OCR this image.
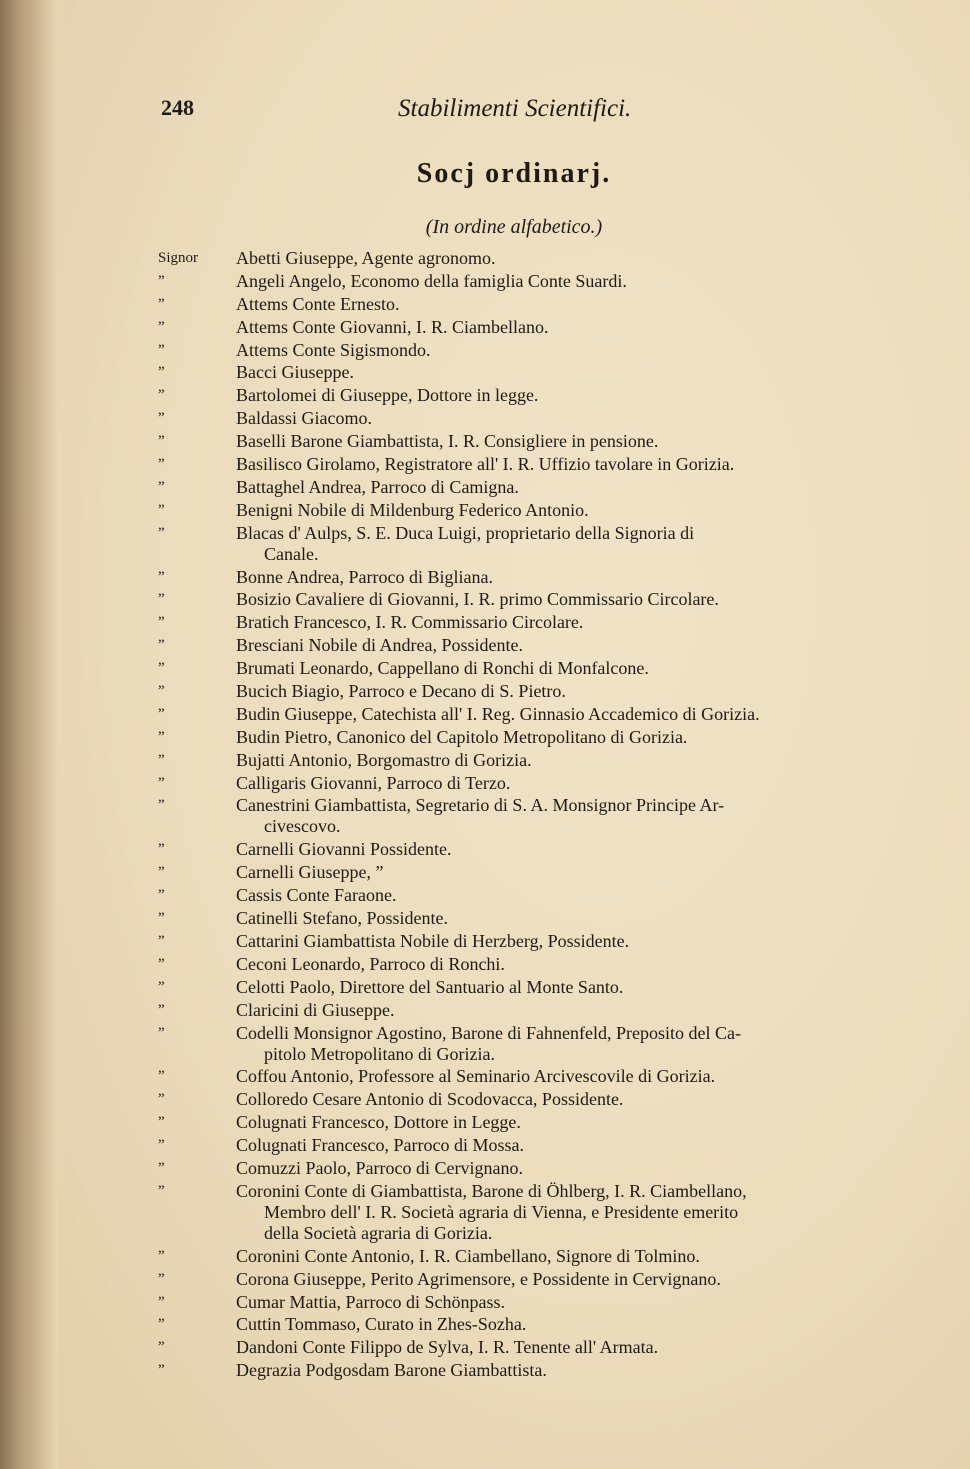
248	Stabilimenti Scientifici.
Socj ordinarj.
(In ordine alfabetico.)
Signor	Abetti Giuseppe, Agente agronomo.
”	Angeli Angelo, Economo della famiglia Conte Suardi.
”	Attems Conte Ernesto.
”	Attems Conte Giovanni, I. R. Ciambellano.
”	Attems Conte Sigismondo.
”	Bacci Giuseppe.
”	Bartolomei di Giuseppe, Dottore in legge.
”	Baldassi Giacomo.
”	Baselli Barone Giambattista, I. R. Consigliere in pensione.
”	Basilisco Girolamo, Registratore all' I. R. Uffizio tavolare in Gorizia.
”	Battaghel Andrea, Parroco di Camigna.
”	Benigni Nobile di Mildenburg Federico Antonio.
”	Blacas d' Aulps, S. E. Duca Luigi, proprietario della Signoria di
Canale.
”	Bonne Andrea, Parroco di Bigliana.
”	Bosizio Cavaliere di Giovanni, I. R. primo Commissario Circolare.
”	Bratich Francesco, I. R. Commissario Circolare.
”	Bresciani Nobile di Andrea, Possidente.
”	Brumati Leonardo, Cappellano di Ronchi di Monfalcone.
”	Bucich Biagio, Parroco e Decano di S. Pietro.
”	Budin Giuseppe, Catechista all' I. Reg. Ginnasio Accademico di Gorizia.
”	Budin Pietro, Canonico del Capitolo Metropolitano di Gorizia.
”	Bujatti Antonio, Borgomastro di Gorizia.
”	Calligaris Giovanni, Parroco di Terzo.
”	Canestrini Giambattista, Segretario di S. A. Monsignor Principe Ar-
civescovo.
”	Carnelli Giovanni Possidente.
”	Carnelli Giuseppe, ”
”	Cassis Conte Faraone.
”	Catinelli Stefano, Possidente.
”	Cattarini Giambattista Nobile di Herzberg, Possidente.
”	Ceconi Leonardo, Parroco di Ronchi.
”	Celotti Paolo, Direttore del Santuario al Monte Santo.
”	Claricini di Giuseppe.
”	Codelli Monsignor Agostino, Barone di Fahnenfeld, Preposito del Ca-
pitolo Metropolitano di Gorizia.
”	Coffou Antonio, Professore al Seminario Arcivescovile di Gorizia.
”	Colloredo Cesare Antonio di Scodovacca, Possidente.
”	Colugnati Francesco, Dottore in Legge.
”	Colugnati Francesco, Parroco di Mossa.
”	Comuzzi Paolo, Parroco di Cervignano.
”	Coronini Conte di Giambattista, Barone di Öhlberg, I. R. Ciambellano,
Membro dell' I. R. Società agraria di Vienna, e Presidente emerito
della Società agraria di Gorizia.
”	Coronini Conte Antonio, I. R. Ciambellano, Signore di Tolmino.
”	Corona Giuseppe, Perito Agrimensore, e Possidente in Cervignano.
”	Cumar Mattia, Parroco di Schönpass.
”	Cuttin Tommaso, Curato in Zhes-Sozha.
”	Dandoni Conte Filippo de Sylva, I. R. Tenente all' Armata.
”	Degrazia Podgosdam Barone Giambattista.
